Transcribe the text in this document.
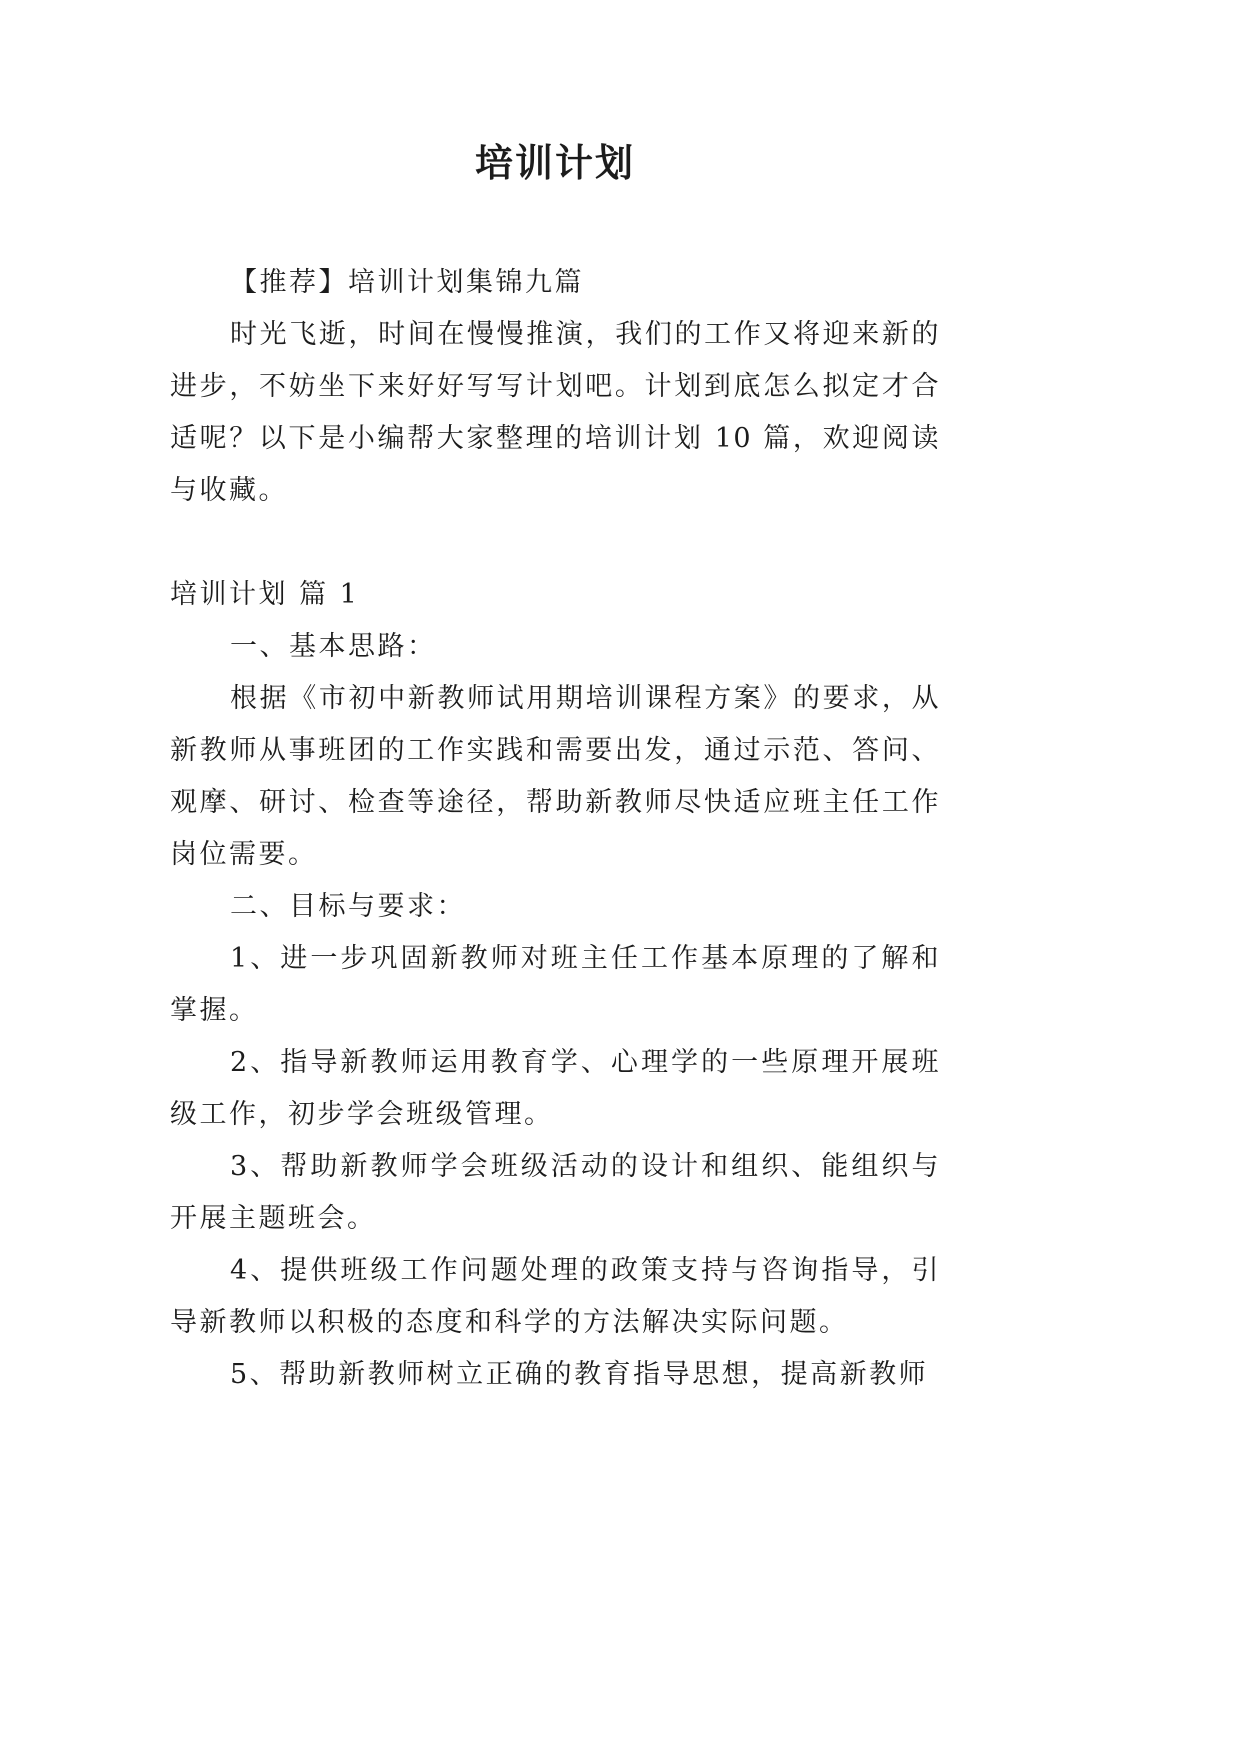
培训计划
【推荐】培训计划集锦九篇
时光飞逝，时间在慢慢推演，我们的工作又将迎来新的
进步，不妨坐下来好好写写计划吧。计划到底怎么拟定才合
适呢？以下是小编帮大家整理的培训计划 10 篇，欢迎阅读
与收藏。
培训计划 篇 1
一、基本思路：
根据《市初中新教师试用期培训课程方案》的要求，从
新教师从事班团的工作实践和需要出发，通过示范、答问、
观摩、研讨、检查等途径，帮助新教师尽快适应班主任工作
岗位需要。
二、目标与要求：
1、进一步巩固新教师对班主任工作基本原理的了解和
掌握。
2、指导新教师运用教育学、心理学的一些原理开展班
级工作，初步学会班级管理。
3、帮助新教师学会班级活动的设计和组织、能组织与
开展主题班会。
4、提供班级工作问题处理的政策支持与咨询指导，引
导新教师以积极的态度和科学的方法解决实际问题。
5、帮助新教师树立正确的教育指导思想，提高新教师
